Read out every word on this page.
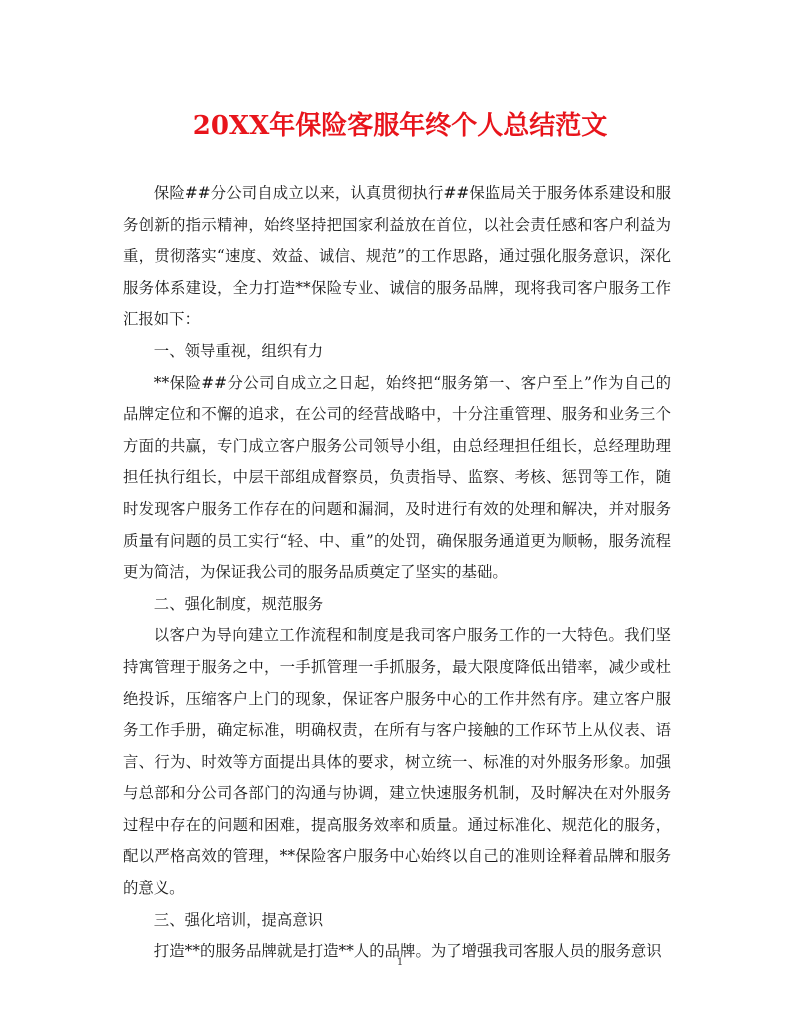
20XX年保险客服年终个人总结范文

保险##分公司自成立以来，认真贯彻执行##保监局关于服务体系建设和服务创新的指示精神，始终坚持把国家利益放在首位，以社会责任感和客户利益为重，贯彻落实“速度、效益、诚信、规范”的工作思路，通过强化服务意识，深化服务体系建设，全力打造**保险专业、诚信的服务品牌，现将我司客户服务工作汇报如下：

一、领导重视，组织有力

**保险##分公司自成立之日起，始终把“服务第一、客户至上”作为自己的品牌定位和不懈的追求，在公司的经营战略中，十分注重管理、服务和业务三个方面的共赢，专门成立客户服务公司领导小组，由总经理担任组长，总经理助理担任执行组长，中层干部组成督察员，负责指导、监察、考核、惩罚等工作，随时发现客户服务工作存在的问题和漏洞，及时进行有效的处理和解决，并对服务质量有问题的员工实行“轻、中、重”的处罚，确保服务通道更为顺畅，服务流程更为简洁，为保证我公司的服务品质奠定了坚实的基础。

二、强化制度，规范服务

以客户为导向建立工作流程和制度是我司客户服务工作的一大特色。我们坚持寓管理于服务之中，一手抓管理一手抓服务，最大限度降低出错率，减少或杜绝投诉，压缩客户上门的现象，保证客户服务中心的工作井然有序。建立客户服务工作手册，确定标准，明确权责，在所有与客户接触的工作环节上从仪表、语言、行为、时效等方面提出具体的要求，树立统一、标准的对外服务形象。加强与总部和分公司各部门的沟通与协调，建立快速服务机制，及时解决在对外服务过程中存在的问题和困难，提高服务效率和质量。通过标准化、规范化的服务，配以严格高效的管理，**保险客户服务中心始终以自己的准则诠释着品牌和服务的意义。

三、强化培训，提高意识

打造**的服务品牌就是打造**人的品牌。为了增强我司客服人员的服务意识

1
